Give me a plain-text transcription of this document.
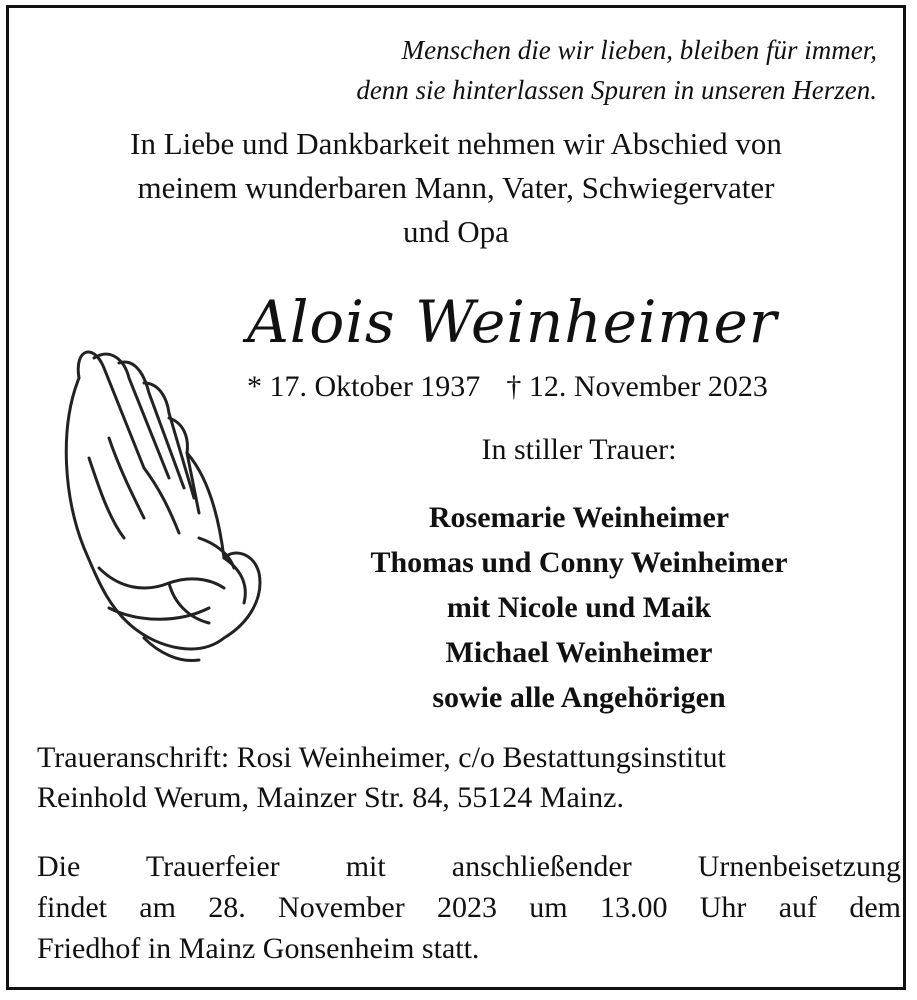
Menschen die wir lieben, bleiben für immer,
denn sie hinterlassen Spuren in unseren Herzen.
In Liebe und Dankbarkeit nehmen wir Abschied von
meinem wunderbaren Mann, Vater, Schwiegervater
und Opa
Alois Weinheimer
* 17. Oktober 1937 † 12. November 2023
In stiller Trauer:
Rosemarie Weinheimer
Thomas und Conny Weinheimer
mit Nicole und Maik
Michael Weinheimer
sowie alle Angehörigen
Traueranschrift: Rosi Weinheimer, c/o Bestattungsinstitut
Reinhold Werum, Mainzer Str. 84, 55124 Mainz.
Die Trauerfeier mit anschließender Urnenbeisetzung
findet am 28. November 2023 um 13.00 Uhr auf dem
Friedhof in Mainz Gonsenheim statt.
